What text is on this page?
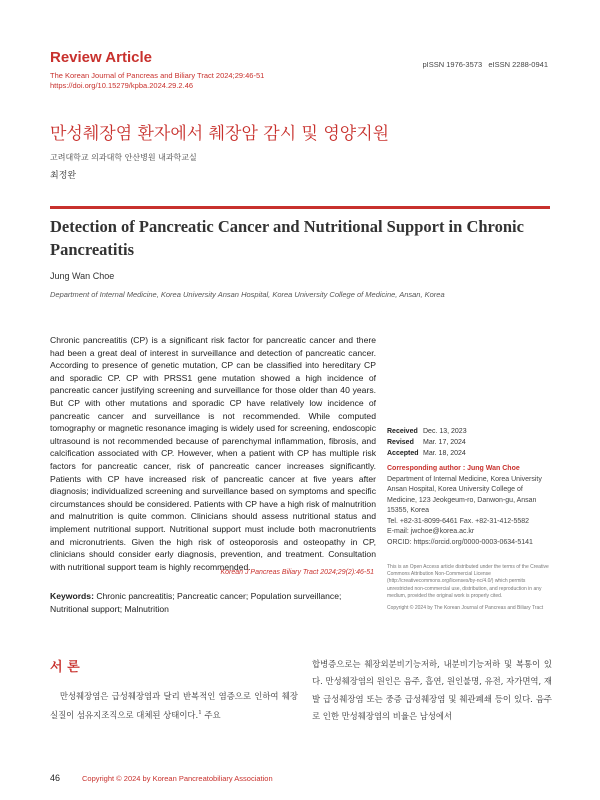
Review Article
The Korean Journal of Pancreas and Biliary Tract 2024;29:46-51
https://doi.org/10.15279/kpba.2024.29.2.46
pISSN 1976-3573   eISSN 2288-0941
만성췌장염 환자에서 췌장암 감시 및 영양지원
고려대학교 의과대학 안산병원 내과학교실
최정완
Detection of Pancreatic Cancer and Nutritional Support in Chronic Pancreatitis
Jung Wan Choe
Department of Internal Medicine, Korea University Ansan Hospital, Korea University College of Medicine, Ansan, Korea

Chronic pancreatitis (CP) is a significant risk factor for pancreatic cancer and there had been a great deal of interest in surveillance and detection of pancreatic cancer. According to presence of genetic mutation, CP can be classified into hereditary CP and sporadic CP. CP with PRSS1 gene mutation showed a high incidence of pancreatic cancer justifying screening and surveillance for those older than 40 years. But CP with other mutations and sporadic CP have relatively low incidence of pancreatic cancer and surveillance is not recommended. While computed tomography or magnetic resonance imaging is widely used for screening, endoscopic ultrasound is not recommended because of parenchymal inflammation, fibrosis, and calcification associated with CP. However, when a patient with CP has multiple risk factors for pancreatic cancer, risk of pancreatic cancer increases significantly. Patients with CP have increased risk of pancreatic cancer at five years after diagnosis; individualized screening and surveillance based on symptoms and specific circumstances should be considered. Patients with CP have a high risk of malnutrition and malnutrition is quite common. Clinicians should assess nutritional status and implement nutritional support. Nutritional support must include both macronutrients and micronutrients. Given the high risk of osteoporosis and osteopathy in CP, clinicians should consider early diagnosis, prevention, and treatment. Consultation with nutritional support team is highly recommended.

Korean J Pancreas Biliary Tract 2024;29(2):46-51
Keywords: Chronic pancreatitis; Pancreatic cancer; Population surveillance; Nutritional support; Malnutrition
Received Dec. 13, 2023
Revised Mar. 17, 2024
Accepted Mar. 18, 2024
Corresponding author : Jung Wan Choe
Department of Internal Medicine, Korea University
Ansan Hospital, Korea University College of
Medicine, 123 Jeokgeum-ro, Danwon-gu, Ansan
15355, Korea
Tel. +82-31-8099-6461 Fax. +82-31-412-5582
E-mail: jwchoe@korea.ac.kr
ORCID: https://orcid.org/0000-0003-0634-5141
This is an Open Access article distributed under the terms of the Creative Commons Attribution Non-Commercial License (http://creativecommons.org/licenses/by-nc/4.0/) which permits unrestricted non-commercial use, distribution, and reproduction in any medium, provided the original work is properly cited.
Copyright © 2024 by The Korean Journal of Pancreas and Biliary Tract
서 론
만성췌장염은 급성췌장염과 달리 반복적인 염증으로 인하여 췌장 실질이 섬유지조직으로 대체된 상태이다.$^1$ 주요
합병증으로는 췌장외분비기능저하, 내분비기능저하 및 복통이 있다. 만성췌장염의 원인은 음주, 흡연, 원인불명, 유전, 자가면역, 재발 급성췌장염 또는 중증 급성췌장염 및 췌관폐쇄 등이 있다. 음주로 인한 만성췌장염의 비율은 남성에서
46	Copyright © 2024 by Korean Pancreatobiliary Association
